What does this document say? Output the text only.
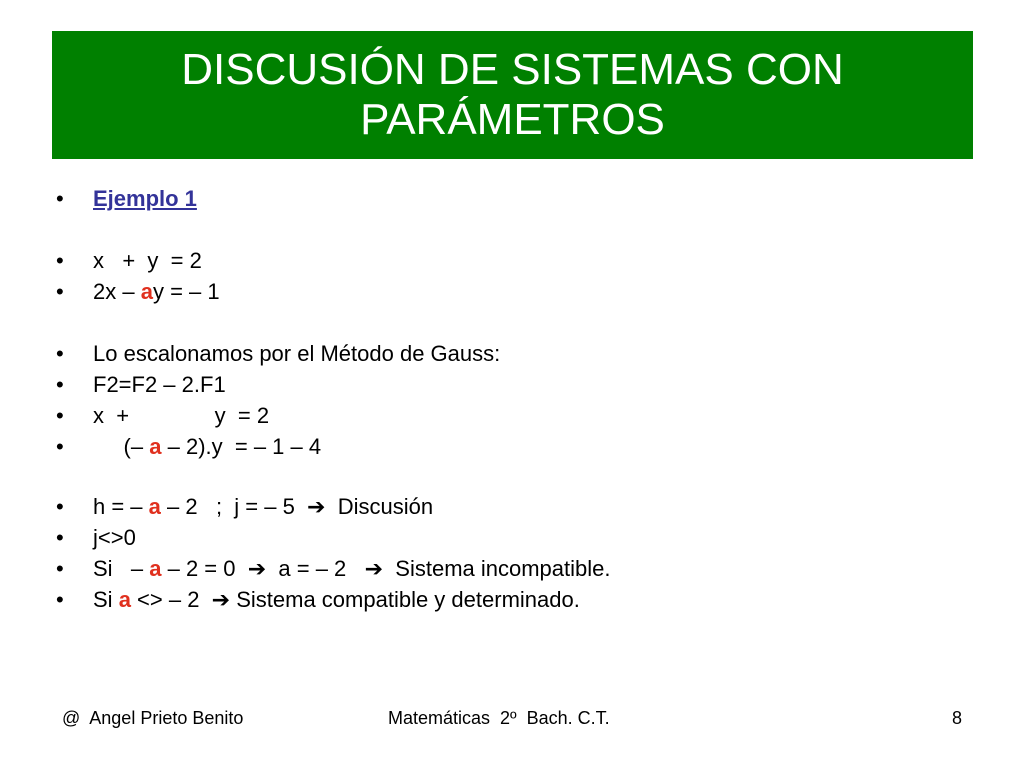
DISCUSIÓN DE SISTEMAS CON
PARÁMETROS
• Ejemplo 1
• x   +  y  = 2
• 2x – ay = – 1
• Lo escalonamos por el Método de Gauss:
• F2=F2 – 2.F1
• x  +              y  = 2
•     (– a – 2).y  = – 1 – 4
• h = – a – 2   ;  j = – 5  ➔  Discusión
• j<>0
• Si   – a – 2 = 0  ➔  a = – 2   ➔  Sistema incompatible.
• Si a <> – 2  ➔ Sistema compatible y determinado.
@  Angel Prieto Benito	Matemáticas  2º  Bach. C.T.	8
